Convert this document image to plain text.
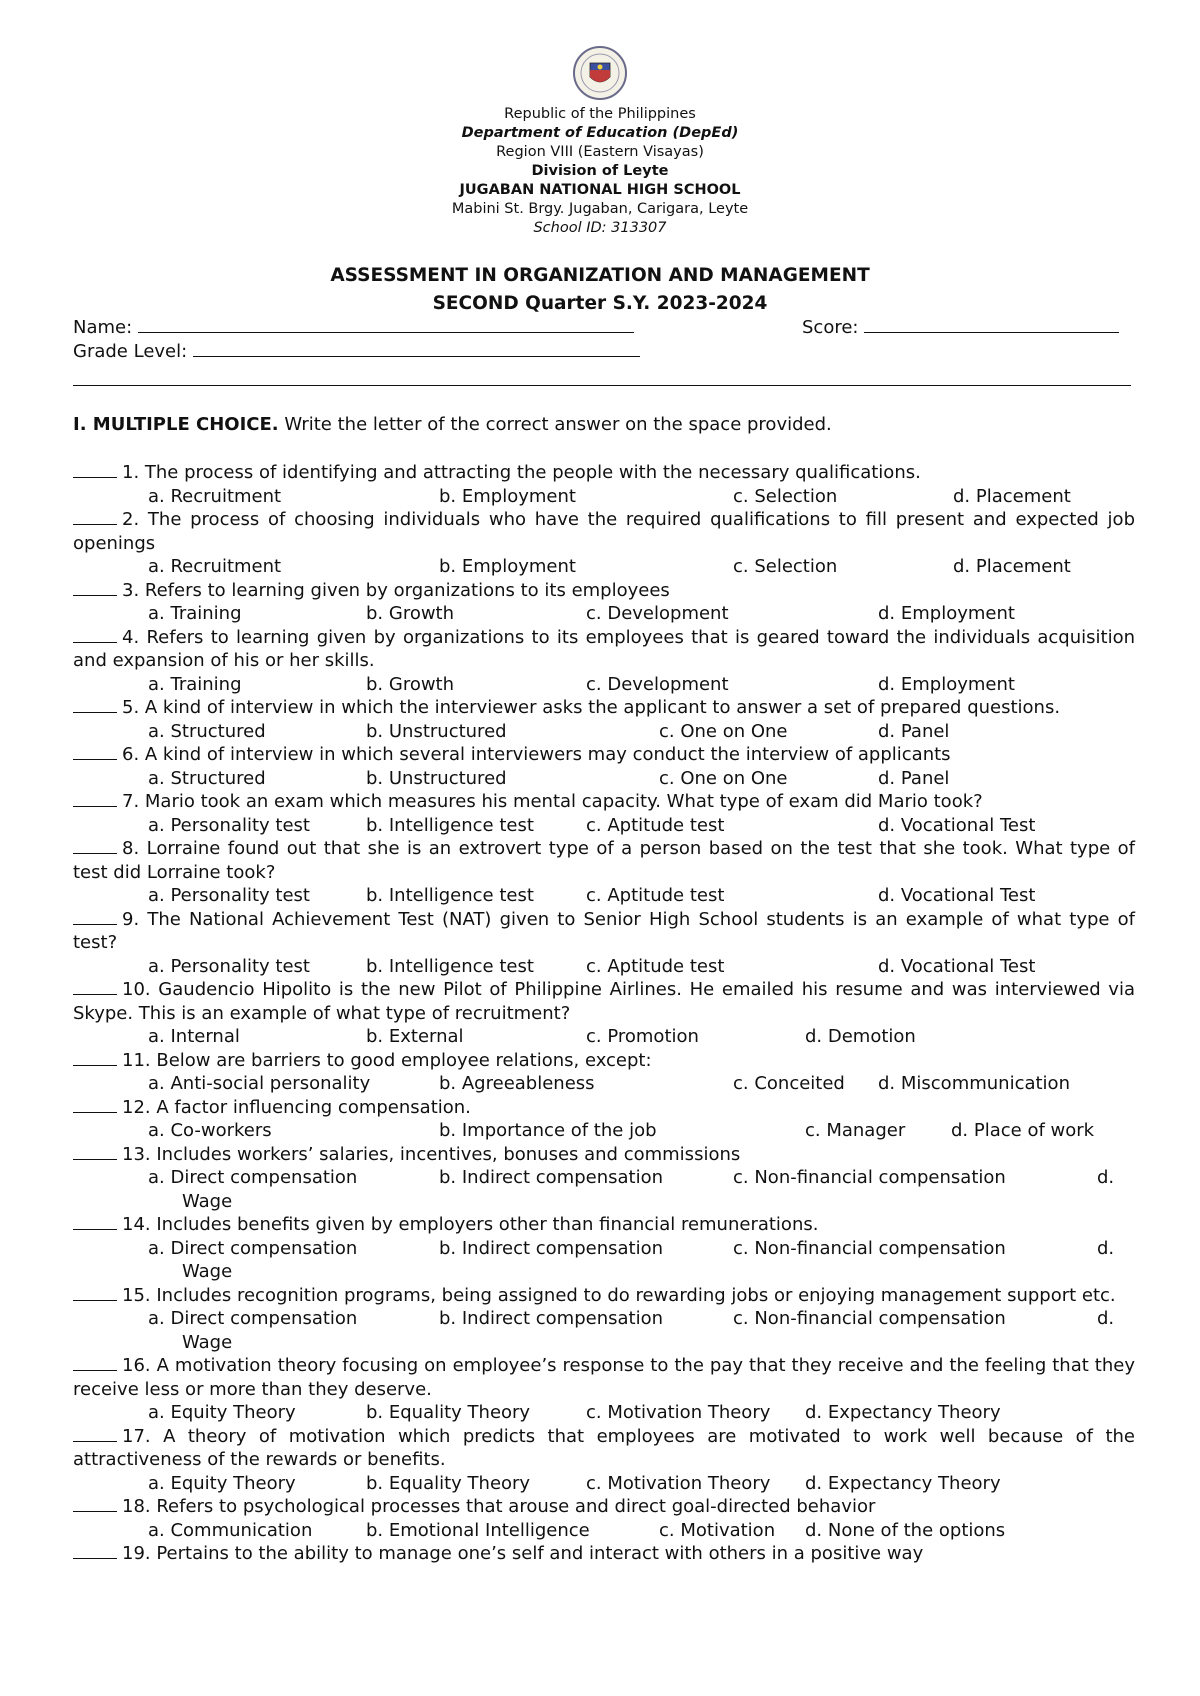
Republic of the Philippines
Department of Education (DepEd)
Region VIII (Eastern Visayas)
Division of Leyte
JUGABAN NATIONAL HIGH SCHOOL
Mabini St. Brgy. Jugaban, Carigara, Leyte
School ID: 313307
ASSESSMENT IN ORGANIZATION AND MANAGEMENT
SECOND Quarter S.Y. 2023-2024
Name:	Score:
Grade Level:
I. MULTIPLE CHOICE. Write the letter of the correct answer on the space provided.
1. The process of identifying and attracting the people with the necessary qualifications.
a. Recruitment	b. Employment	c. Selection	d. Placement
2. The process of choosing individuals who have the required qualifications to fill present and expected job openings
a. Recruitment	b. Employment	c. Selection	d. Placement
3. Refers to learning given by organizations to its employees
a. Training	b. Growth	c. Development	d. Employment
4. Refers to learning given by organizations to its employees that is geared toward the individuals acquisition and expansion of his or her skills.
a. Training	b. Growth	c. Development	d. Employment
5. A kind of interview in which the interviewer asks the applicant to answer a set of prepared questions.
a. Structured	b. Unstructured	c. One on One	d. Panel
6. A kind of interview in which several interviewers may conduct the interview of applicants
a. Structured	b. Unstructured	c. One on One	d. Panel
7. Mario took an exam which measures his mental capacity. What type of exam did Mario took?
a. Personality test	b. Intelligence test	c. Aptitude test	d. Vocational Test
8. Lorraine found out that she is an extrovert type of a person based on the test that she took. What type of test did Lorraine took?
a. Personality test	b. Intelligence test	c. Aptitude test	d. Vocational Test
9. The National Achievement Test (NAT) given to Senior High School students is an example of what type of test?
a. Personality test	b. Intelligence test	c. Aptitude test	d. Vocational Test
10. Gaudencio Hipolito is the new Pilot of Philippine Airlines. He emailed his resume and was interviewed via Skype. This is an example of what type of recruitment?
a. Internal	b. External	c. Promotion	d. Demotion
11. Below are barriers to good employee relations, except:
a. Anti-social personality	b. Agreeableness	c. Conceited d. Miscommunication
12. A factor influencing compensation.
a. Co-workers	b. Importance of the job	c. Manager	d. Place of work
13. Includes workers’ salaries, incentives, bonuses and commissions
a. Direct compensation	b. Indirect compensation	c. Non-financial compensation	d.
Wage
14. Includes benefits given by employers other than financial remunerations.
a. Direct compensation	b. Indirect compensation	c. Non-financial compensation	d.
Wage
15. Includes recognition programs, being assigned to do rewarding jobs or enjoying management support etc.
a. Direct compensation	b. Indirect compensation	c. Non-financial compensation	d.
Wage
16. A motivation theory focusing on employee’s response to the pay that they receive and the feeling that they receive less or more than they deserve.
a. Equity Theory	b. Equality Theory	c. Motivation Theory d. Expectancy Theory
17. A theory of motivation which predicts that employees are motivated to work well because of the attractiveness of the rewards or benefits.
a. Equity Theory	b. Equality Theory	c. Motivation Theory d. Expectancy Theory
18. Refers to psychological processes that arouse and direct goal-directed behavior
a. Communication	b. Emotional Intelligence	c. Motivation d. None of the options
19. Pertains to the ability to manage one’s self and interact with others in a positive way
